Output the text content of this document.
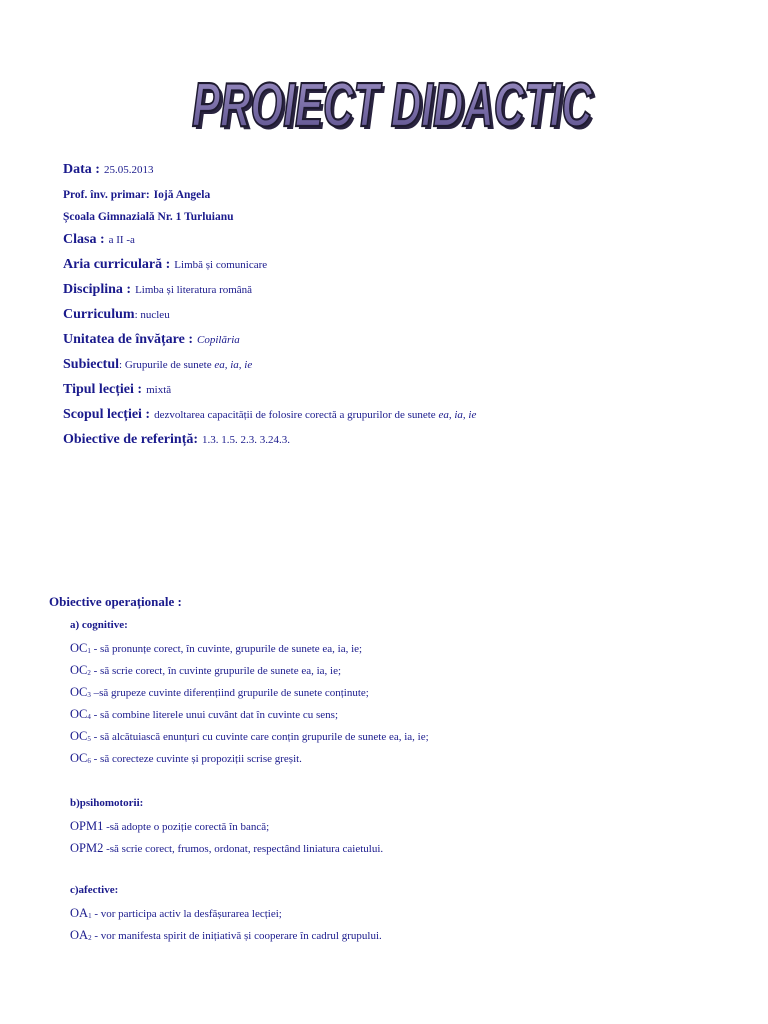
PROIECT DIDACTIC
PROIECT DIDACTIC
Data : 25.05.2013
Prof. înv. primar: Iojă Angela
Școala Gimnazială Nr. 1 Turluianu
Clasa : a II -a
Aria curriculară : Limbă și comunicare
Disciplina : Limba și literatura română
Curriculum: nucleu
Unitatea de învățare : Copilăria
Subiectul: Grupurile de sunete ea, ia, ie
Tipul lecției : mixtă
Scopul lecției : dezvoltarea capacității de folosire corectă a grupurilor de sunete ea, ia, ie
Obiective de referință: 1.3. 1.5. 2.3. 3.24.3.
Obiective operaționale :
a) cognitive:
OC1 - să pronunțe corect, în cuvinte, grupurile de sunete ea, ia, ie;
OC2 - să scrie corect, în cuvinte grupurile de sunete ea, ia, ie;
OC3 –să grupeze cuvinte diferențiind grupurile de sunete conținute;
OC4 - să combine literele unui cuvânt dat în cuvinte cu sens;
OC5 - să alcătuiască enunțuri cu cuvinte care conțin grupurile de sunete ea, ia, ie;
OC6 - să corecteze cuvinte și propoziții scrise greșit.
b)psihomotorii:
OPM1 -să adopte o poziție corectă în bancă;
OPM2 -să scrie corect, frumos, ordonat, respectând liniatura caietului.
c)afective:
OA1 - vor participa activ la desfășurarea lecției;
OA2 - vor manifesta spirit de inițiativă și cooperare în cadrul grupului.
